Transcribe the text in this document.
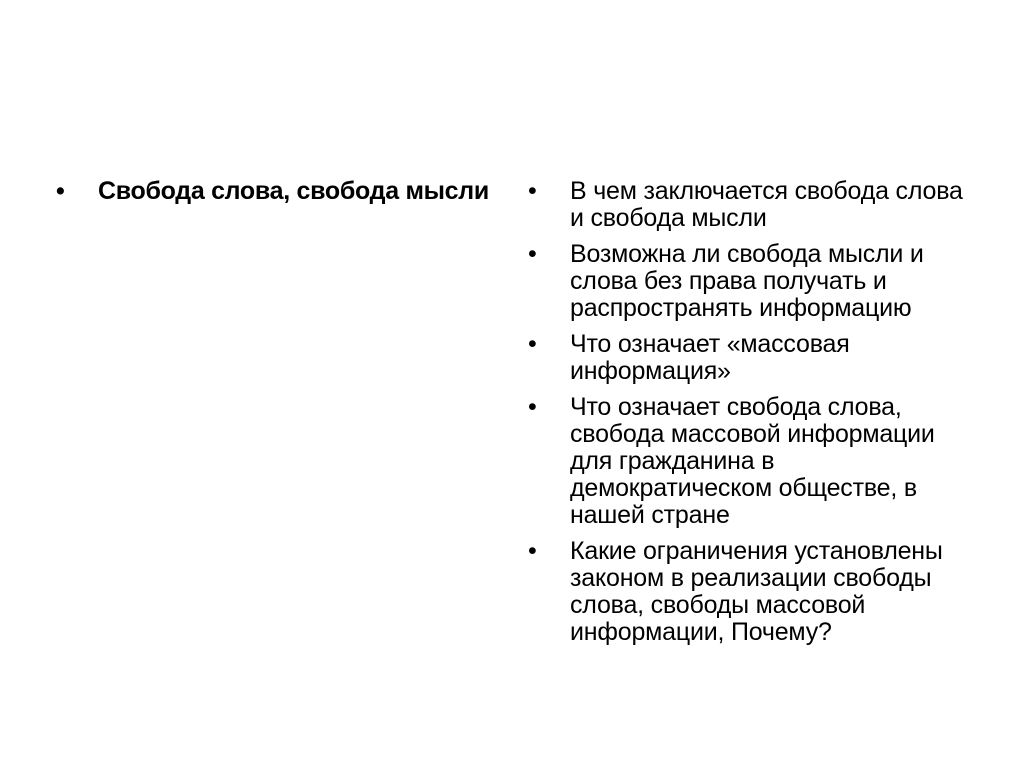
•	Свобода слова, свобода мысли •	В чем заключается свобода слова и свобода мысли
•	Возможна ли свобода мысли и слова без права получать и распространять информацию
•	Что означает «массовая информация»
•	Что означает свобода слова, свобода массовой информации для гражданина в демократическом обществе, в нашей стране
•	Какие ограничения установлены законом в реализации свободы слова, свободы массовой информации, Почему?
